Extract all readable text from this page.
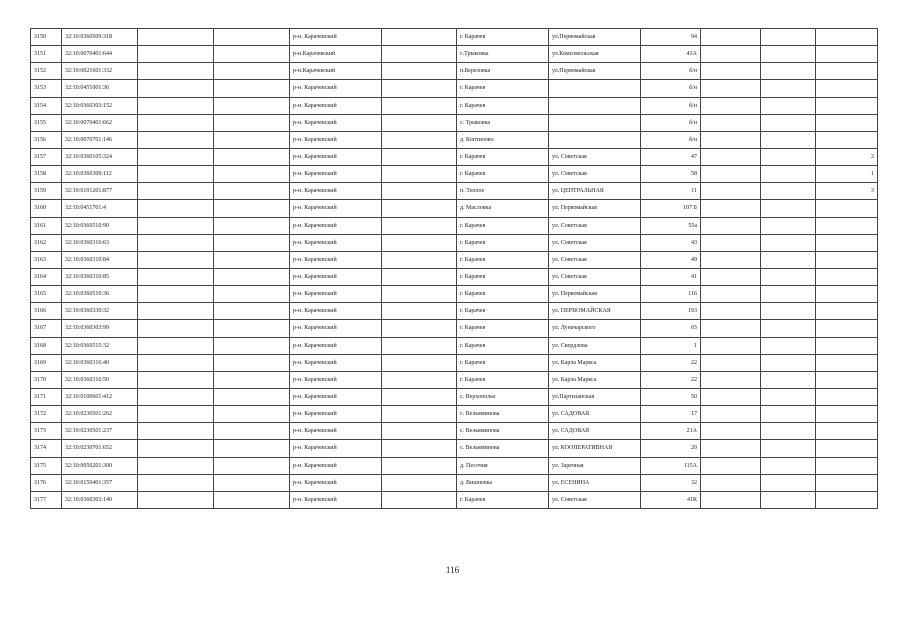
3150	32:10:0360509:318			р-н. Карачевский		г. Карачев	ул.Первомайская	94			
3151	32:10:0070401:644			р-н.Карачевский		с.Трыковка	ул.Комсомольская	43А			
3152	32:10:0021601:332			р-н.Карачевский		п.Березовка	ул.Первомайская	б/н			
3153	32:10:0451001:36			р-н. Карачевский		г. Карачев		б/н			
3154	32:10:0360303:152			р-н. Карачевский		г. Карачев		б/н			
3155	32:10:0070401:662			р-н. Карачевский		с. Трыковка		б/н			
3156	32:10:0070701:146			р-н. Карачевский		д. Коптилово		б/н			
3157	32:10:0360105:324			р-н. Карачевский		г. Карачев	ул. Советская	47			2
3158	32:10:0360309:112			р-н. Карачевский		г. Карачев	ул. Советская	58			1
3159	32:10:0191201:877			р-н. Карачевский		п. Теплое	ул. ЦЕНТРАЛЬНАЯ	11			3
3160	32:10:0451701:4			р-н. Карачевский		д. Масловка	ул. Первомайская	107 Б			
3161	32:10:0360510:90			р-н. Карачевский		г. Карачев	ул. Советская	55а			
3162	32:10:0360310:63			р-н. Карачевский		г. Карачев	ул. Советская	43			
3163	32:10:0360310:84			р-н. Карачевский		г. Карачев	ул. Советская	49			
3164	32:10:0360310:85			р-н. Карачевский		г. Карачев	ул. Советская	41			
3165	32:10:0360510:36			р-н. Карачевский		г. Карачев	ул. Первомайская	116			
3166	32:10:0360330:32			р-н. Карачевский		г. Карачев	ул. ПЕРВОМАЙСКАЯ	193			
3167	32:10:0360303:99			р-н. Карачевский		г. Карачев	ул. Луначарского	65			
3168	32:10:0360515:32			р-н. Карачевский		г. Карачев	ул. Свердлова	1			
3169	32:10:0360316:40			р-н. Карачевский		г. Карачев	ул. Карла Маркса	22			
3170	32:10:0360316:50			р-н. Карачевский		г. Карачев	ул. Карла Маркса	22			
3171	32:10:0100601:412			р-н. Карачевский		с. Верхополье	ул.Партизанская	50			
3172	32:10:0230501:262			р-н. Карачевский		с. Вельяминова	ул. САДОВАЯ	17			
3173	32:10:0230501:237			р-н. Карачевский		с. Вельяминова	ул. САДОВАЯ	21А			
3174	32:10:0230701:652			р-н. Карачевский		с. Вельяминова	ул. КООПЕРАТИВНАЯ	20			
3175	32:10:0050201:300			р-н. Карачевский		д. Песочня	ул. Заречная	115А			
3176	32:10:0150401:357			р-н. Карачевский		д. Вишневка	ул. ЕСЕНИНА	32			
3177	32:10:0360303:140			р-н. Карачевский		г. Карачев	ул. Советская	41К			
116
